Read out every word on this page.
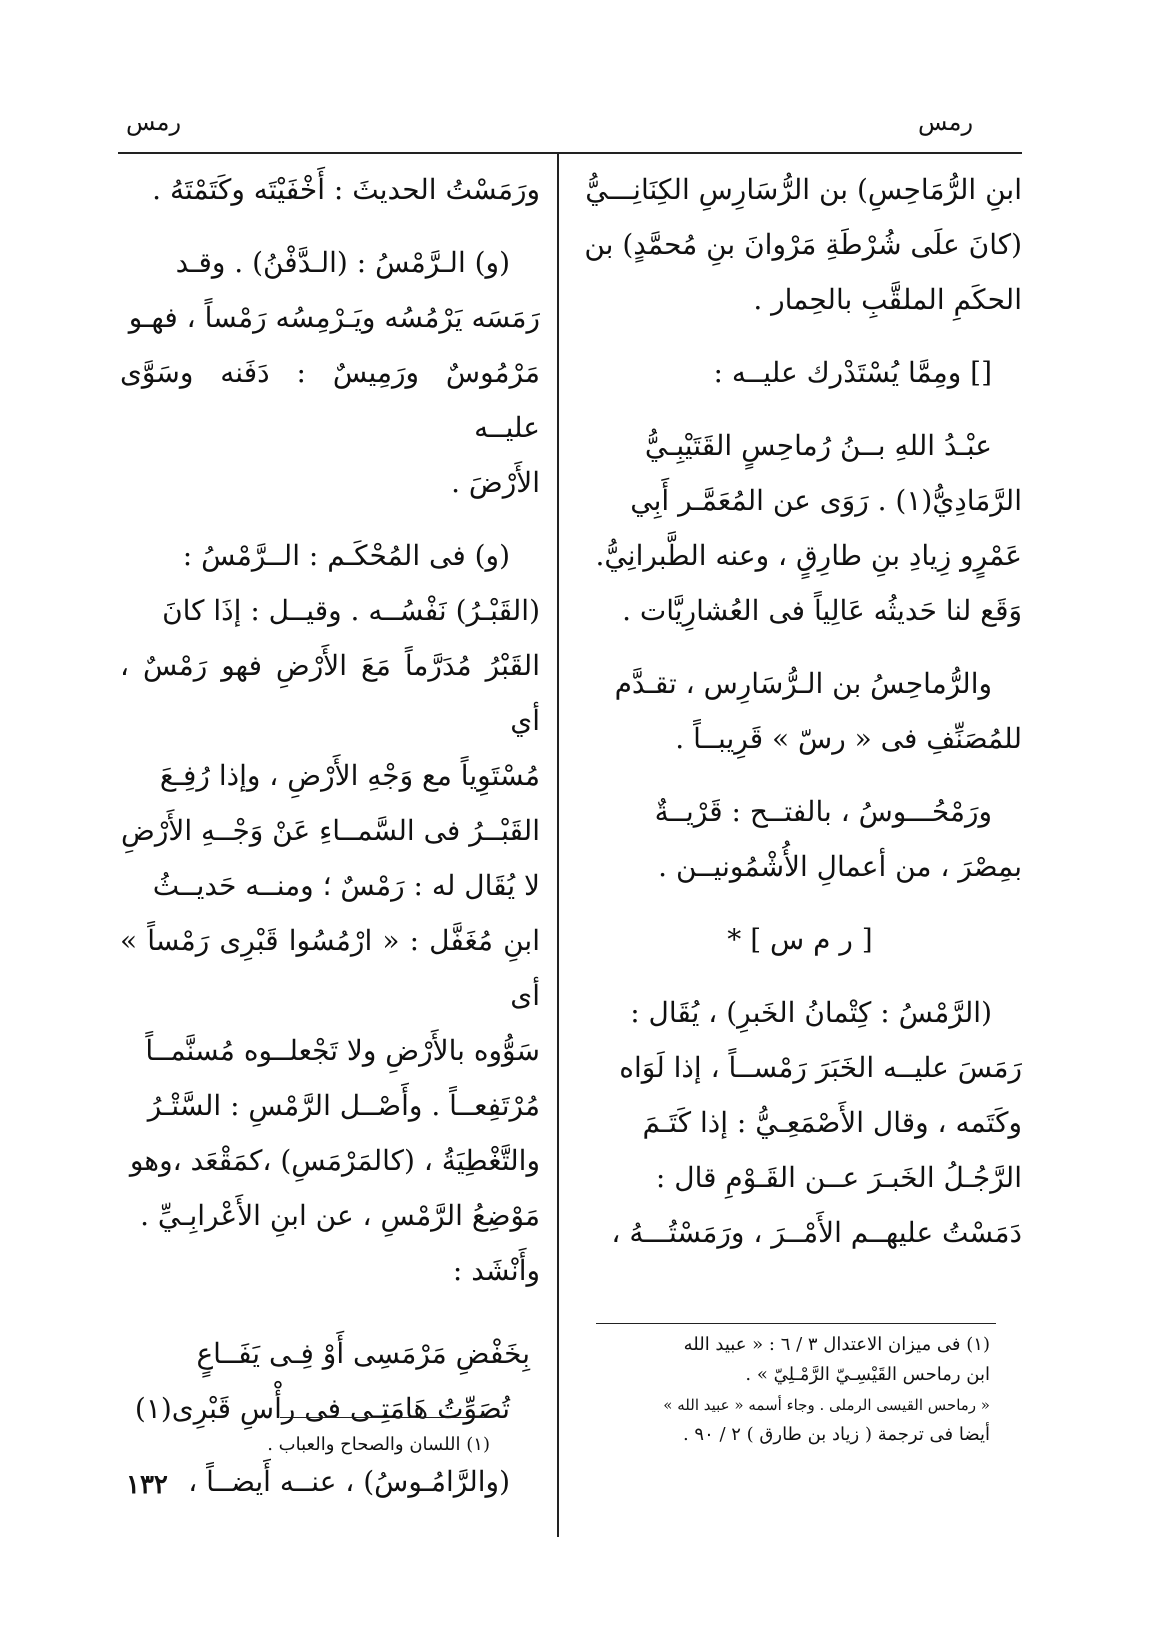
رمس
رمس

ابنِ الرُّمَاحِسِ) بن الرُّسَارِسِ الكِنَانِـــيُّ

(كانَ علَى شُرْطَةِ مَرْوانَ بنِ مُحمَّدٍ) بن

الحكَمِ الملقَّبِ بالحِمار .

[] ومِمَّا يُسْتَدْرك عليــه :

عبْـدُ اللهِ بــنُ رُماحِسٍ القَتَيْبِـيُّ

الرَّمَادِيُّ(١) . رَوَى عن المُعَمَّـر أَبِي

عَمْرٍو زِيادِ بنِ طارِقٍ ، وعنه الطَّبرانِيُّ.

وَقَع لنا حَديثُه عَالِياً فى العُشارِيَّات .

والرُّماحِسُ بن الـرُّسَارِس ، تقـدَّم

للمُصَنِّفِ فى « رسّ » قَرِيبــاً .

ورَمْحُـــوسُ ، بالفتــح : قَرْيــةٌ

بمِصْرَ ، من أعمالِ الأُشْمُونيــن .

[ ر م س ] *

(الرَّمْسُ : كِتْمانُ الخَبرِ) ، يُقَال :

رَمَسَ عليــه الخَبَرَ رَمْســاً ، إذا لَوَاه

وكَتَمه ، وقال الأَصْمَعِـيُّ : إذا كَتَـمَ

الرَّجُـلُ الخَبـرَ عــن القَـوْمِ قال :

دَمَسْتُ عليهــم الأَمْــرَ ، ورَمَسْتُـــهُ ،

(١) فى ميزان الاعتدال ٣ / ٦ : « عبيد الله
ابن رماحس القَيْسِـيّ الرَّمْـلِيّ » .
« رماحس القيسى الرملى . وجاء أسمه « عبيد الله »
أيضا فى ترجمة ( زياد بن طارق ) ٢ / ٩٠ .

ورَمَسْتُ الحديثَ : أَخْفَيْتَه وكَتَمْتَهُ .

(و) الـرَّمْسُ : (الـدَّفْنُ) . وقـد

رَمَسَه يَرْمُسُه ويَـرْمِسُه رَمْساً ، فهـو

مَرْمُوسٌ ورَمِيسٌ : دَفَنه وسَوَّى عليــه

الأَرْضَ .

(و) فى المُحْكَـم : الــرَّمْسُ :

(القَبْـرُ) نَفْسُــه . وقيــل : إذَا كانَ

القَبْرُ مُدَرَّماً مَعَ الأَرْضِ فهو رَمْسٌ ، أي

مُسْتَوِياً مع وَجْهِ الأَرْضِ ، وإذا رُفِـعَ

القَبْــرُ فى السَّمــاءِ عَنْ وَجْــهِ الأَرْضِ

لا يُقَال له : رَمْسٌ ؛ ومنــه حَديــثُ

ابنِ مُغَفَّل : « ارْمُسُوا قَبْرِى رَمْساً » أى

سَوُّوه بالأَرْضِ ولا تَجْعلــوه مُسنَّمــاً

مُرْتَفِعــاً . وأَصْــل الرَّمْسِ : السَّتْـرُ

والتَّغْطِيَةُ ، (كالمَرْمَسِ) ،كمَقْعَد ،وهو

مَوْضِعُ الرَّمْسِ ، عن ابنِ الأَعْرابِـيِّ .

وأَنْشَد :

بِخَفْضِ مَرْمَسِى أَوْ فِـى يَفَــاعٍ

تُصَوِّتُ هَامَتِـى فى رأْسِ قَبْرِى(١)

(والرَّامُـوسُ) ، عنــه أَيضــاً ،

(١) اللسان والصحاح والعباب .
١٣٢
